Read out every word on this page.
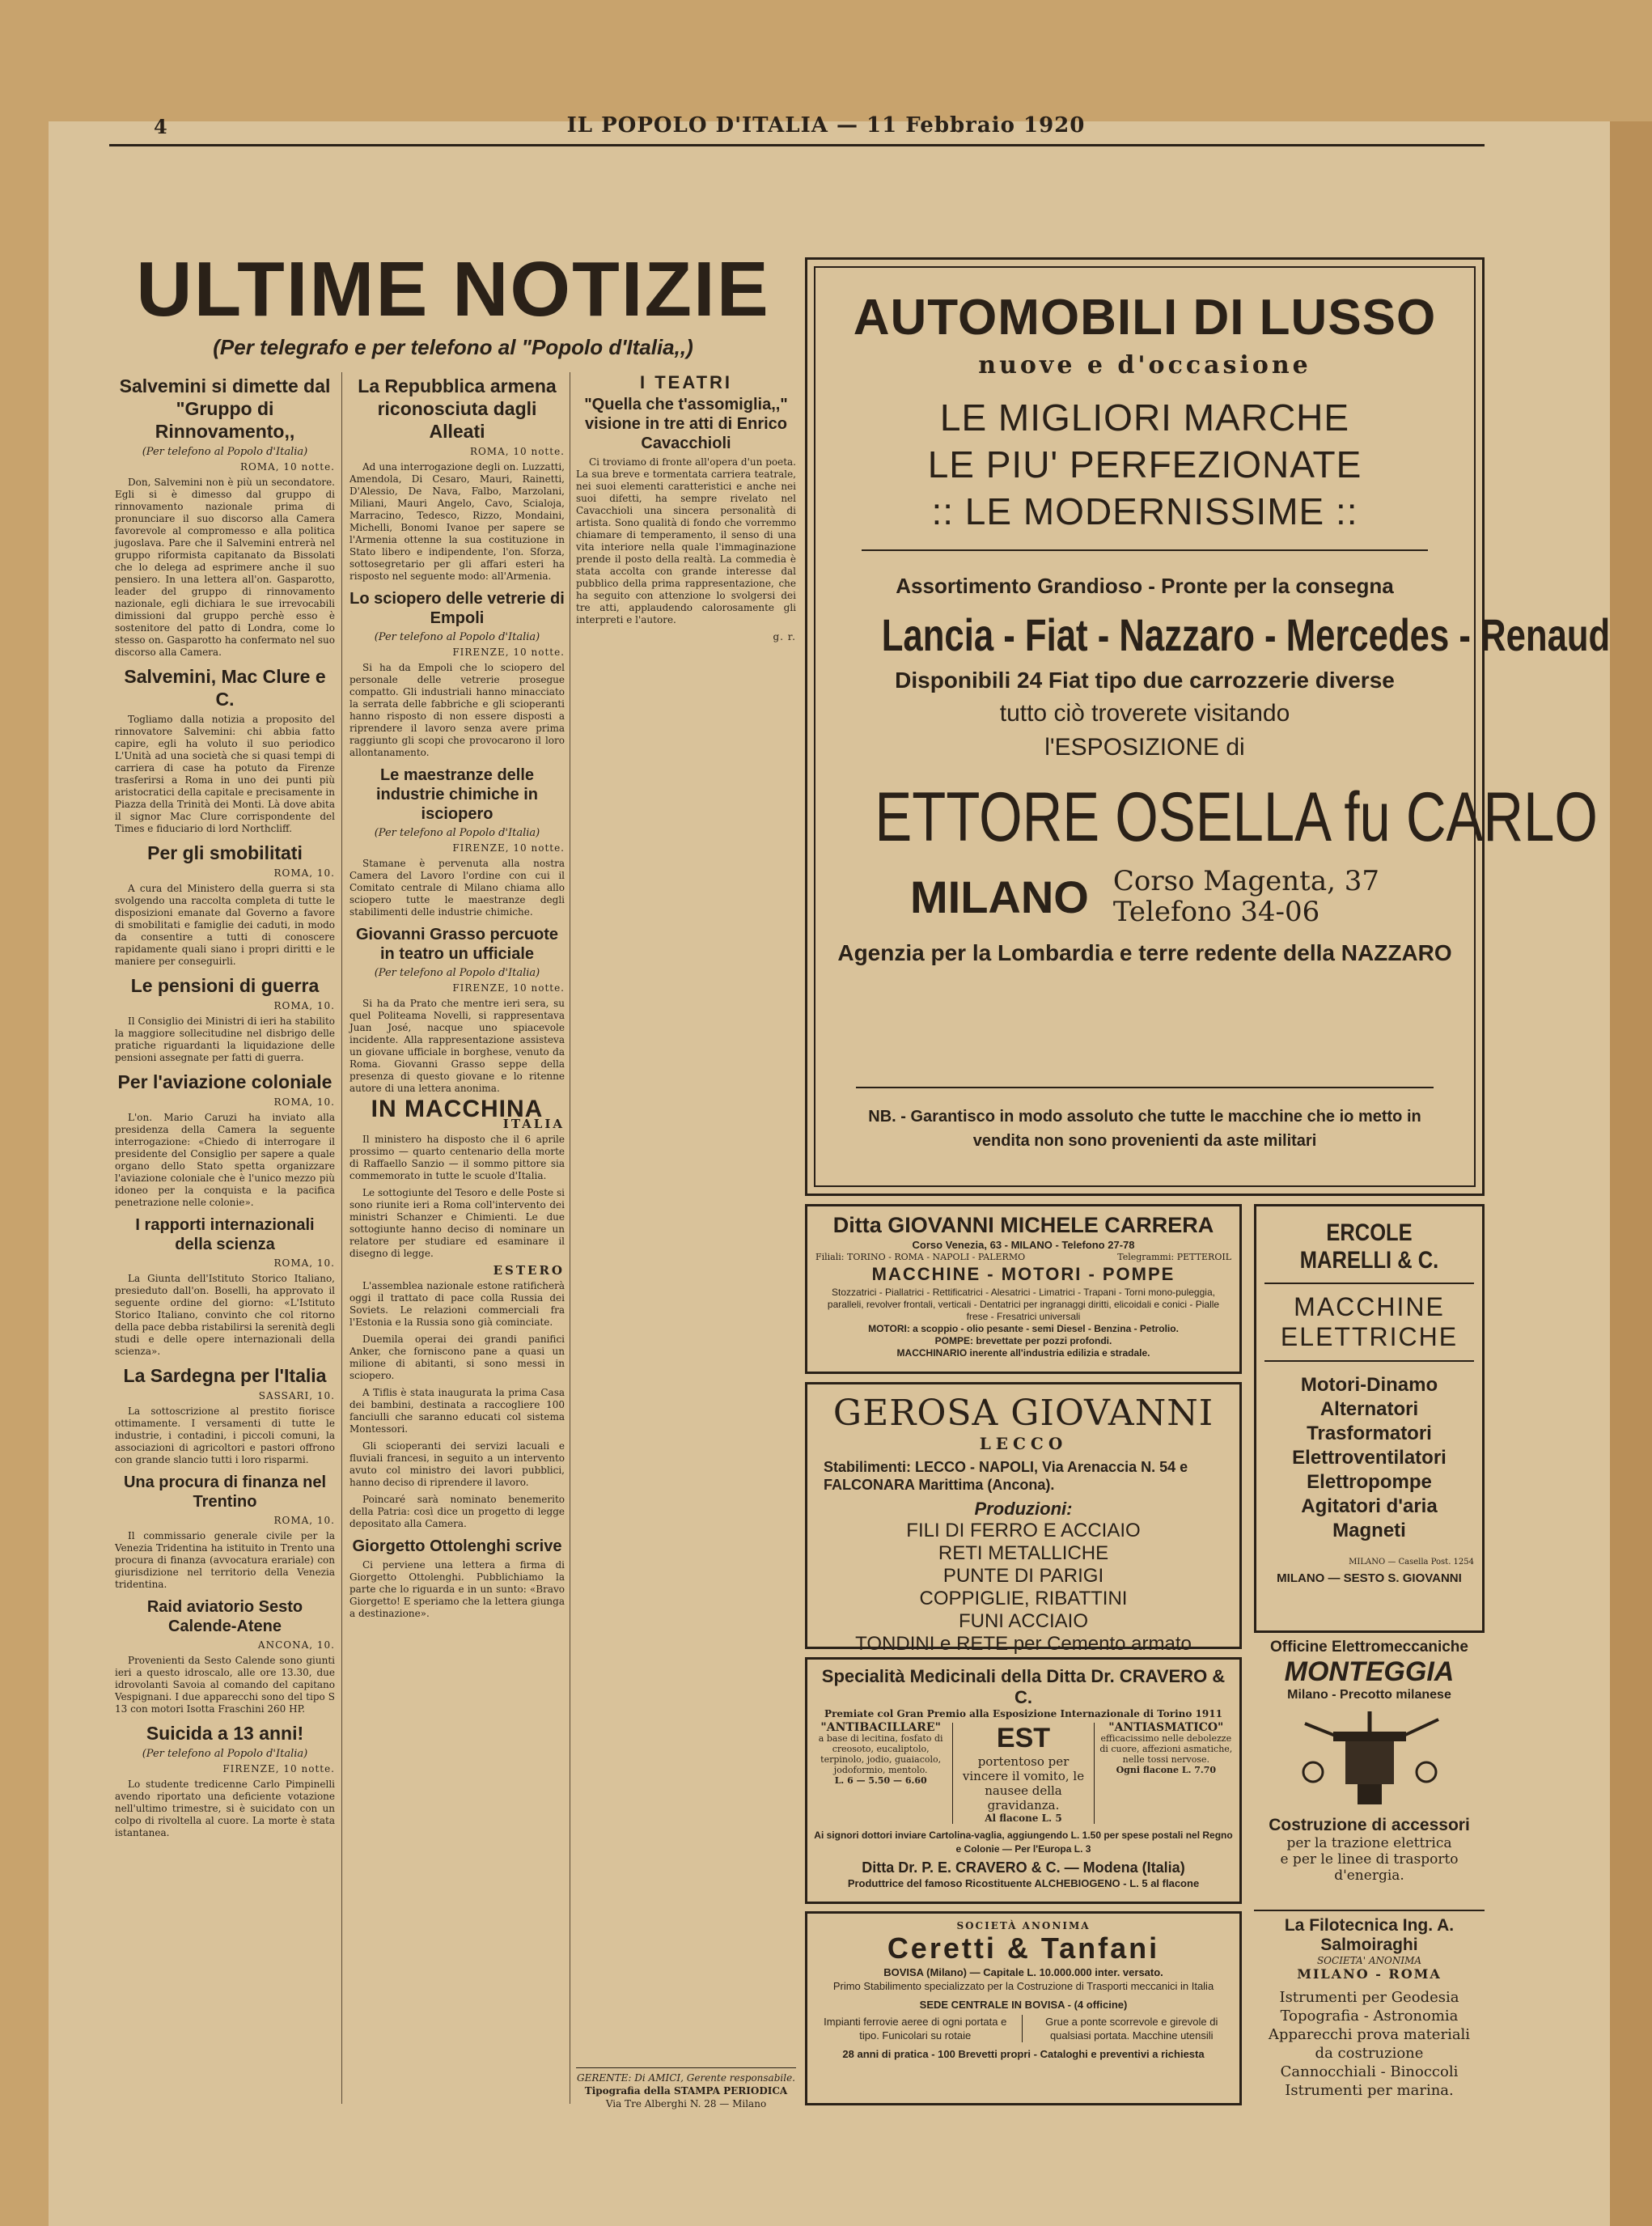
4	IL POPOLO D'ITALIA — 11 Febbraio 1920
ULTIME NOTIZIE
(Per telegrafo e per telefono al "Popolo d'Italia,,)
Salvemini si dimette dal "Gruppo di Rinnovamento,,
(Per telefono al Popolo d'Italia)
ROMA, 10 notte.
Don, Salvemini non è più un secondatore. Egli si è dimesso dal gruppo di rinnovamento nazionale prima di pronunciare il suo discorso alla Camera favorevole al compromesso e alla politica jugoslava. Pare che il Salvemini entrerà nel gruppo riformista capitanato da Bissolati che lo delega ad esprimere anche il suo pensiero. In una lettera all'on. Gasparotto, leader del gruppo di rinnovamento nazionale, egli dichiara le sue irrevocabili dimissioni dal gruppo perchè esso è sostenitore del patto di Londra, come lo stesso on. Gasparotto ha confermato nel suo discorso alla Camera.
Salvemini, Mac Clure e C.
Togliamo dalla notizia a proposito del rinnovatore Salvemini: chi abbia fatto capire, egli ha voluto il suo periodico L'Unità ad una società che si quasi tempi di carriera di case ha potuto da Firenze trasferirsi a Roma in uno dei punti più aristocratici della capitale e precisamente in Piazza della Trinità dei Monti. Là dove abita il signor Mac Clure corrispondente del Times e fiduciario di lord Northcliff.
Per gli smobilitati
ROMA, 10.
A cura del Ministero della guerra si sta svolgendo una raccolta completa di tutte le disposizioni emanate dal Governo a favore di smobilitati e famiglie dei caduti, in modo da consentire a tutti di conoscere rapidamente quali siano i propri diritti e le maniere per conseguirli.
Le pensioni di guerra
ROMA, 10.
Il Consiglio dei Ministri di ieri ha stabilito la maggiore sollecitudine nel disbrigo delle pratiche riguardanti la liquidazione delle pensioni assegnate per fatti di guerra.
Per l'aviazione coloniale
ROMA, 10.
L'on. Mario Caruzi ha inviato alla presidenza della Camera la seguente interrogazione: «Chiedo di interrogare il presidente del Consiglio per sapere a quale organo dello Stato spetta organizzare l'aviazione coloniale che è l'unico mezzo più idoneo per la conquista e la pacifica penetrazione nelle colonie».
I rapporti internazionali della scienza
ROMA, 10.
La Giunta dell'Istituto Storico Italiano, presieduto dall'on. Boselli, ha approvato il seguente ordine del giorno: «L'Istituto Storico Italiano, convinto che col ritorno della pace debba ristabilirsi la serenità degli studi e delle opere internazionali della scienza».
La Sardegna per l'Italia
SASSARI, 10.
La sottoscrizione al prestito fiorisce ottimamente. I versamenti di tutte le industrie, i contadini, i piccoli comuni, la associazioni di agricoltori e pastori offrono con grande slancio tutti i loro risparmi.
Una procura di finanza nel Trentino
ROMA, 10.
Il commissario generale civile per la Venezia Tridentina ha istituito in Trento una procura di finanza (avvocatura erariale) con giurisdizione nel territorio della Venezia tridentina.
Raid aviatorio Sesto Calende-Atene
ANCONA, 10.
Provenienti da Sesto Calende sono giunti ieri a questo idroscalo, alle ore 13.30, due idrovolanti Savoia al comando del capitano Vespignani. I due apparecchi sono del tipo S 13 con motori Isotta Fraschini 260 HP.
Suicida a 13 anni!
(Per telefono al Popolo d'Italia)
FIRENZE, 10 notte.
Lo studente tredicenne Carlo Pimpinelli avendo riportato una deficiente votazione nell'ultimo trimestre, si è suicidato con un colpo di rivoltella al cuore. La morte è stata istantanea.
La Repubblica armena riconosciuta dagli Alleati
ROMA, 10 notte.
Ad una interrogazione degli on. Luzzatti, Amendola, Di Cesaro, Mauri, Rainetti, D'Alessio, De Nava, Falbo, Marzolani, Miliani, Mauri Angelo, Cavo, Scialoja, Marracino, Tedesco, Rizzo, Mondaini, Michelli, Bonomi Ivanoe per sapere se l'Armenia ottenne la sua costituzione in Stato libero e indipendente, l'on. Sforza, sottosegretario per gli affari esteri ha risposto nel seguente modo: all'Armenia.
Lo sciopero delle vetrerie di Empoli
(Per telefono al Popolo d'Italia)
FIRENZE, 10 notte.
Si ha da Empoli che lo sciopero del personale delle vetrerie prosegue compatto. Gli industriali hanno minacciato la serrata delle fabbriche e gli scioperanti hanno risposto di non essere disposti a riprendere il lavoro senza avere prima raggiunto gli scopi che provocarono il loro allontanamento.
Le maestranze delle industrie chimiche in isciopero
(Per telefono al Popolo d'Italia)
FIRENZE, 10 notte.
Stamane è pervenuta alla nostra Camera del Lavoro l'ordine con cui il Comitato centrale di Milano chiama allo sciopero tutte le maestranze degli stabilimenti delle industrie chimiche.
Giovanni Grasso percuote in teatro un ufficiale
(Per telefono al Popolo d'Italia)
FIRENZE, 10 notte.
Si ha da Prato che mentre ieri sera, su quel Politeama Novelli, si rappresentava Juan José, nacque uno spiacevole incidente. Alla rappresentazione assisteva un giovane ufficiale in borghese, venuto da Roma. Giovanni Grasso seppe della presenza di questo giovane e lo ritenne autore di una lettera anonima.
IN MACCHINA
ITALIA
Il ministero ha disposto che il 6 aprile prossimo — quarto centenario della morte di Raffaello Sanzio — il sommo pittore sia commemorato in tutte le scuole d'Italia.
Le sottogiunte del Tesoro e delle Poste si sono riunite ieri a Roma coll'intervento dei ministri Schanzer e Chimienti. Le due sottogiunte hanno deciso di nominare un relatore per studiare ed esaminare il disegno di legge.
ESTERO
L'assemblea nazionale estone ratificherà oggi il trattato di pace colla Russia dei Soviets. Le relazioni commerciali fra l'Estonia e la Russia sono già cominciate.
Duemila operai dei grandi panifici Anker, che forniscono pane a quasi un milione di abitanti, si sono messi in sciopero.
A Tiflis è stata inaugurata la prima Casa dei bambini, destinata a raccogliere 100 fanciulli che saranno educati col sistema Montessori.
Gli scioperanti dei servizi lacuali e fluviali francesi, in seguito a un intervento avuto col ministro dei lavori pubblici, hanno deciso di riprendere il lavoro.
Poincaré sarà nominato benemerito della Patria: così dice un progetto di legge depositato alla Camera.
Giorgetto Ottolenghi scrive
Ci perviene una lettera a firma di Giorgetto Ottolenghi. Pubblichiamo la parte che lo riguarda e in un sunto: «Bravo Giorgetto! E speriamo che la lettera giunga a destinazione».
I TEATRI
"Quella che t'assomiglia,," visione in tre atti di Enrico Cavacchioli
Ci troviamo di fronte all'opera d'un poeta. La sua breve e tormentata carriera teatrale, nei suoi elementi caratteristici e anche nei suoi difetti, ha sempre rivelato nel Cavacchioli una sincera personalità di artista. Sono qualità di fondo che vorremmo chiamare di temperamento, il senso di una vita interiore nella quale l'immaginazione prende il posto della realtà. La commedia è stata accolta con grande interesse dal pubblico della prima rappresentazione, che ha seguito con attenzione lo svolgersi dei tre atti, applaudendo calorosamente gli interpreti e l'autore.
g. r.
GERENTE: Di AMICI, Gerente responsabile.
Tipografia della STAMPA PERIODICA
Via Tre Alberghi N. 28 — Milano
AUTOMOBILI DI LUSSO
nuove e d'occasione
LE MIGLIORI MARCHE
LE PIU' PERFEZIONATE
:: LE MODERNISSIME ::
Assortimento Grandioso - Pronte per la consegna
Lancia - Fiat - Nazzaro - Mercedes - Renaud
Disponibili 24 Fiat tipo due carrozzerie diverse
tutto ciò troverete visitando
l'ESPOSIZIONE di
ETTORE OSELLA fu CARLO
MILANO Corso Magenta, 37
Telefono 34-06
Agenzia per la Lombardia e terre redente della NAZZARO
NB. - Garantisco in modo assoluto che tutte le macchine che io metto in vendita non sono provenienti da aste militari
Ditta GIOVANNI MICHELE CARRERA
Corso Venezia, 63 - MILANO - Telefono 27-78
Filiali: TORINO - ROMA - NAPOLI - PALERMO	Telegrammi: PETTEROIL
MACCHINE - MOTORI - POMPE
Stozzatrici - Piallatrici - Rettificatrici - Alesatrici - Limatrici - Trapani - Torni mono-puleggia, paralleli, revolver frontali, verticali - Dentatrici per ingranaggi diritti, elicoidali e conici - Pialle frese - Fresatrici universali
MOTORI: a scoppio - olio pesante - semi Diesel - Benzina - Petrolio.
POMPE: brevettate per pozzi profondi.
MACCHINARIO inerente all'industria edilizia e stradale.
ERCOLE MARELLI & C.
MACCHINE
ELETTRICHE
Motori-Dinamo
Alternatori
Trasformatori
Elettroventilatori
Elettropompe
Agitatori d'aria
Magneti
MILANO — Casella Post. 1254
MILANO — SESTO S. GIOVANNI
GEROSA GIOVANNI
LECCO
Stabilimenti: LECCO - NAPOLI, Via Arenaccia N. 54 e FALCONARA Marittima (Ancona).
Produzioni:
FILI DI FERRO E ACCIAIO
RETI METALLICHE
PUNTE DI PARIGI
COPPIGLIE, RIBATTINI
FUNI ACCIAIO
TONDINI e RETE per Cemento armato	Officine Elettromeccaniche
MONTEGGIA
Milano - Precotto milanese
Costruzione di accessori
per la trazione elettrica
e per le linee di trasporto
d'energia.
Specialità Medicinali della Ditta Dr. CRAVERO & C.
Premiate col Gran Premio alla Esposizione Internazionale di Torino 1911
"ANTIBACILLARE"
a base di lecitina, fosfato di creosoto, eucaliptolo, terpinolo, jodio, guaiacolo, jodoformio, mentolo.
L. 6 — 5.50 — 6.60
EST
portentoso per vincere il vomito, le nausee della gravidanza.
Al flacone L. 5
"ANTIASMATICO"
efficacissimo nelle debolezze di cuore, affezioni asmatiche, nelle tossi nervose.
Ogni flacone L. 7.70
Ai signori dottori inviare Cartolina-vaglia, aggiungendo L. 1.50 per spese postali nel Regno e Colonie — Per l'Europa L. 3
Ditta Dr. P. E. CRAVERO & C. — Modena (Italia)
Produttrice del famoso Ricostituente ALCHEBIOGENO - L. 5 al flacone
La Filotecnica Ing. A. Salmoiraghi
SOCIETA' ANONIMA
MILANO - ROMA
Istrumenti per Geodesia
Topografia - Astronomia
Apparecchi prova materiali
da costruzione
Cannocchiali - Binoccoli
Istrumenti per marina.
SOCIETÀ ANONIMA
Ceretti & Tanfani
BOVISA (Milano) — Capitale L. 10.000.000 inter. versato.
Primo Stabilimento specializzato per la Costruzione di Trasporti meccanici in Italia
SEDE CENTRALE IN BOVISA - (4 officine)
Impianti ferrovie aeree di ogni portata e tipo. Funicolari su rotaie
Grue a ponte scorrevole e girevole di qualsiasi portata. Macchine utensili
28 anni di pratica - 100 Brevetti propri - Cataloghi e preventivi a richiesta
